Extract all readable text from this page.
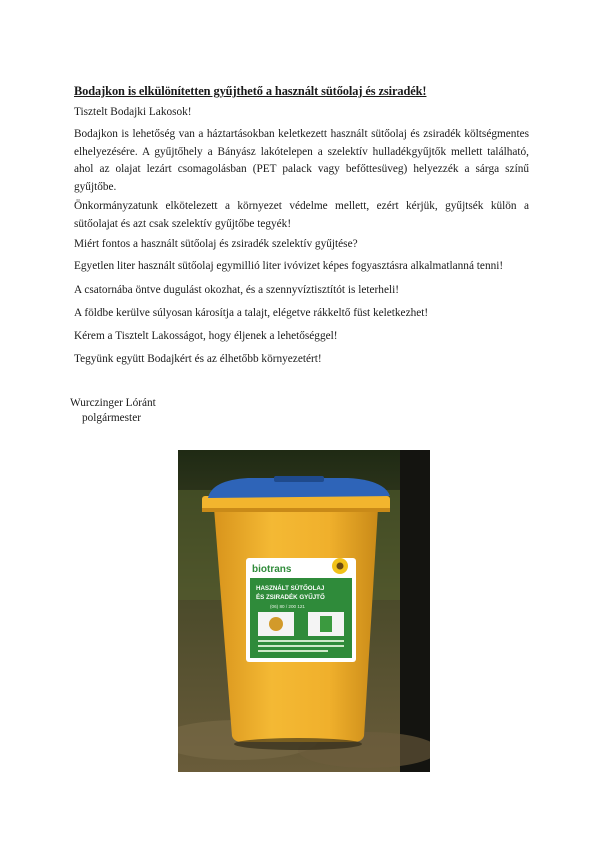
Bodajkon is elkülönítetten gyűjthető a használt sütőolaj és zsiradék!

Tisztelt Bodajki Lakosok!

Bodajkon is lehetőség van a háztartásokban keletkezett használt sütőolaj és zsiradék költségmentes elhelyezésére. A gyűjtőhely a Bányász lakótelepen a szelektív hulladékgyűjtők mellett található, ahol az olajat lezárt csomagolásban (PET palack vagy befőttesüveg) helyezzék a sárga színű gyűjtőbe.

Önkormányzatunk elkötelezett a környezet védelme mellett, ezért kérjük, gyűjtsék külön a sütőolajat és azt csak szelektív gyűjtőbe tegyék!

Miért fontos a használt sütőolaj és zsiradék szelektív gyűjtése?

Egyetlen liter használt sütőolaj egymillió liter ivóvizet képes fogyasztásra alkalmatlanná tenni!

A csatornába öntve dugulást okozhat, és a szennyvíztisztítót is leterheli!

A földbe kerülve súlyosan károsítja a talajt, elégetve rákkeltő füst keletkezhet!

Kérem a Tisztelt Lakosságot, hogy éljenek a lehetőséggel!

Tegyünk együtt Bodajkért és az élhetőbb környezetért!

Wurczinger Lóránt
polgármester
biotrans
HASZNÁLT SÜTŐOLAJ
ÉS ZSIRADÉK GYŰJTŐ
(06) 80 / 200 121
